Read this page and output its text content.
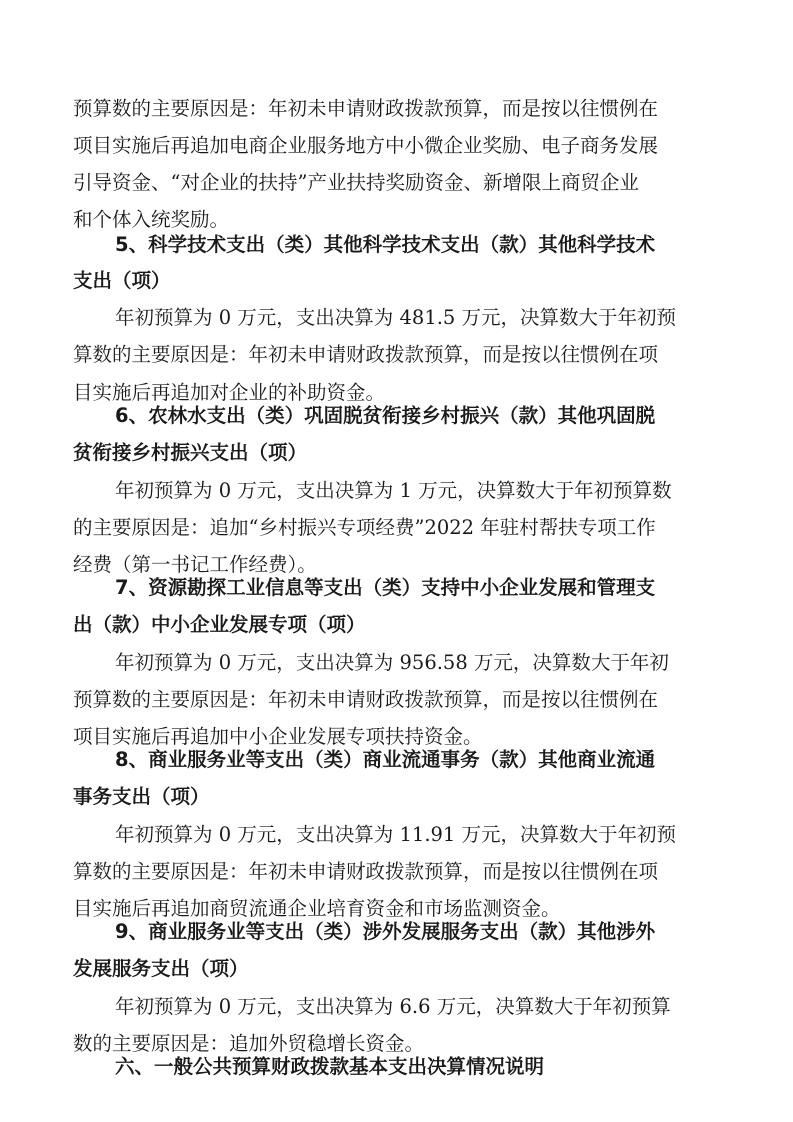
预算数的主要原因是：年初未申请财政拨款预算，而是按以往惯例在
项目实施后再追加电商企业服务地方中小微企业奖励、电子商务发展
引导资金、“对企业的扶持”产业扶持奖励资金、新增限上商贸企业
和个体入统奖励。
5、科学技术支出（类）其他科学技术支出（款）其他科学技术
支出（项）
年初预算为 0 万元，支出决算为 481.5 万元，决算数大于年初预
算数的主要原因是：年初未申请财政拨款预算，而是按以往惯例在项
目实施后再追加对企业的补助资金。
6、农林水支出（类）巩固脱贫衔接乡村振兴（款）其他巩固脱
贫衔接乡村振兴支出（项）
年初预算为 0 万元，支出决算为 1 万元，决算数大于年初预算数
的主要原因是：追加“乡村振兴专项经费”2022 年驻村帮扶专项工作
经费（第一书记工作经费）。
7、资源勘探工业信息等支出（类）支持中小企业发展和管理支
出（款）中小企业发展专项（项）
年初预算为 0 万元，支出决算为 956.58 万元，决算数大于年初
预算数的主要原因是：年初未申请财政拨款预算，而是按以往惯例在
项目实施后再追加中小企业发展专项扶持资金。
8、商业服务业等支出（类）商业流通事务（款）其他商业流通
事务支出（项）
年初预算为 0 万元，支出决算为 11.91 万元，决算数大于年初预
算数的主要原因是：年初未申请财政拨款预算，而是按以往惯例在项
目实施后再追加商贸流通企业培育资金和市场监测资金。
9、商业服务业等支出（类）涉外发展服务支出（款）其他涉外
发展服务支出（项）
年初预算为 0 万元，支出决算为 6.6 万元，决算数大于年初预算
数的主要原因是：追加外贸稳增长资金。
六、一般公共预算财政拨款基本支出决算情况说明
